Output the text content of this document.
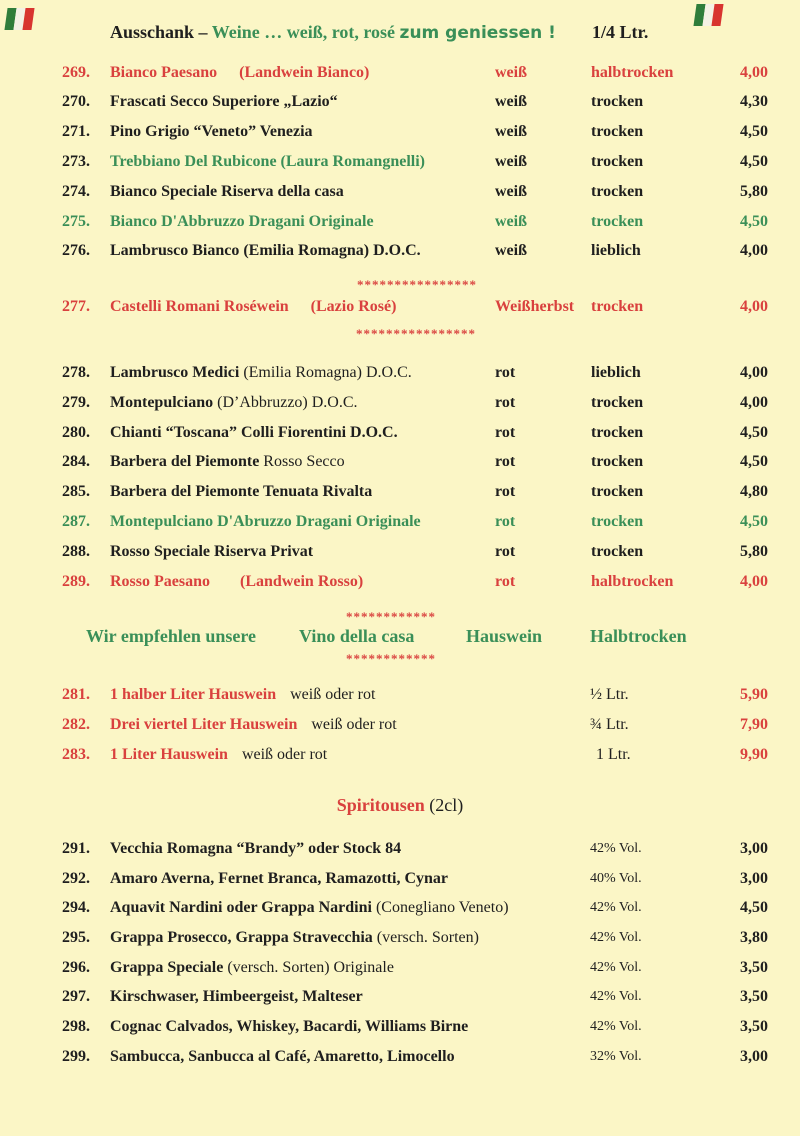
Ausschank – Weine … weiß, rot, rosé zum geniessen ! 1/4 Ltr.
269. Bianco Paesano (Landwein Bianco)	weiß	halbtrocken	4,00
270. Frascati Secco Superiore „Lazio“	weiß	trocken	4,30
271. Pino Grigio “Veneto” Venezia	weiß	trocken	4,50
273. Trebbiano Del Rubicone (Laura Romangnelli)	weiß	trocken	4,50
274. Bianco Speciale Riserva della casa	weiß	trocken	5,80
275. Bianco D'Abbruzzo Dragani Originale	weiß	trocken	4,50
276. Lambrusco Bianco (Emilia Romagna) D.O.C.	weiß	lieblich	4,00
****************
277. Castelli Romani Roséwein (Lazio Rosé)	Weißherbst trocken	4,00
****************
278. Lambrusco Medici (Emilia Romagna) D.O.C.	rot	lieblich	4,00
279. Montepulciano (D’Abbruzzo) D.O.C.	rot	trocken	4,00
280. Chianti “Toscana” Colli Fiorentini D.O.C.	rot	trocken	4,50
284. Barbera del Piemonte Rosso Secco	rot	trocken	4,50
285. Barbera del Piemonte Tenuata Rivalta	rot	trocken	4,80
287. Montepulciano D'Abruzzo Dragani Originale	rot	trocken	4,50
288. Rosso Speciale Riserva Privat	rot	trocken	5,80
289. Rosso Paesano (Landwein Rosso)	rot	halbtrocken	4,00
************
Wir empfehlen unsere Vino della casa	Hauswein	Halbtrocken
************
281. 1 halber Liter Hauswein weiß oder rot	½ Ltr.	5,90
282. Drei viertel Liter Hauswein weiß oder rot	¾ Ltr.	7,90
283. 1 Liter Hauswein weiß oder rot	1 Ltr.	9,90
Spiritousen (2cl)
291. Vecchia Romagna “Brandy” oder Stock 84	42% Vol.	3,00
292. Amaro Averna, Fernet Branca, Ramazotti, Cynar	40% Vol.	3,00
294. Aquavit Nardini oder Grappa Nardini (Conegliano Veneto)	42% Vol.	4,50
295. Grappa Prosecco, Grappa Stravecchia (versch. Sorten)	42% Vol.	3,80
296. Grappa Speciale (versch. Sorten) Originale	42% Vol.	3,50
297. Kirschwaser, Himbeergeist, Malteser	42% Vol.	3,50
298. Cognac Calvados, Whiskey, Bacardi, Williams Birne	42% Vol.	3,50
299. Sambucca, Sanbucca al Café, Amaretto, Limocello	32% Vol.	3,00
